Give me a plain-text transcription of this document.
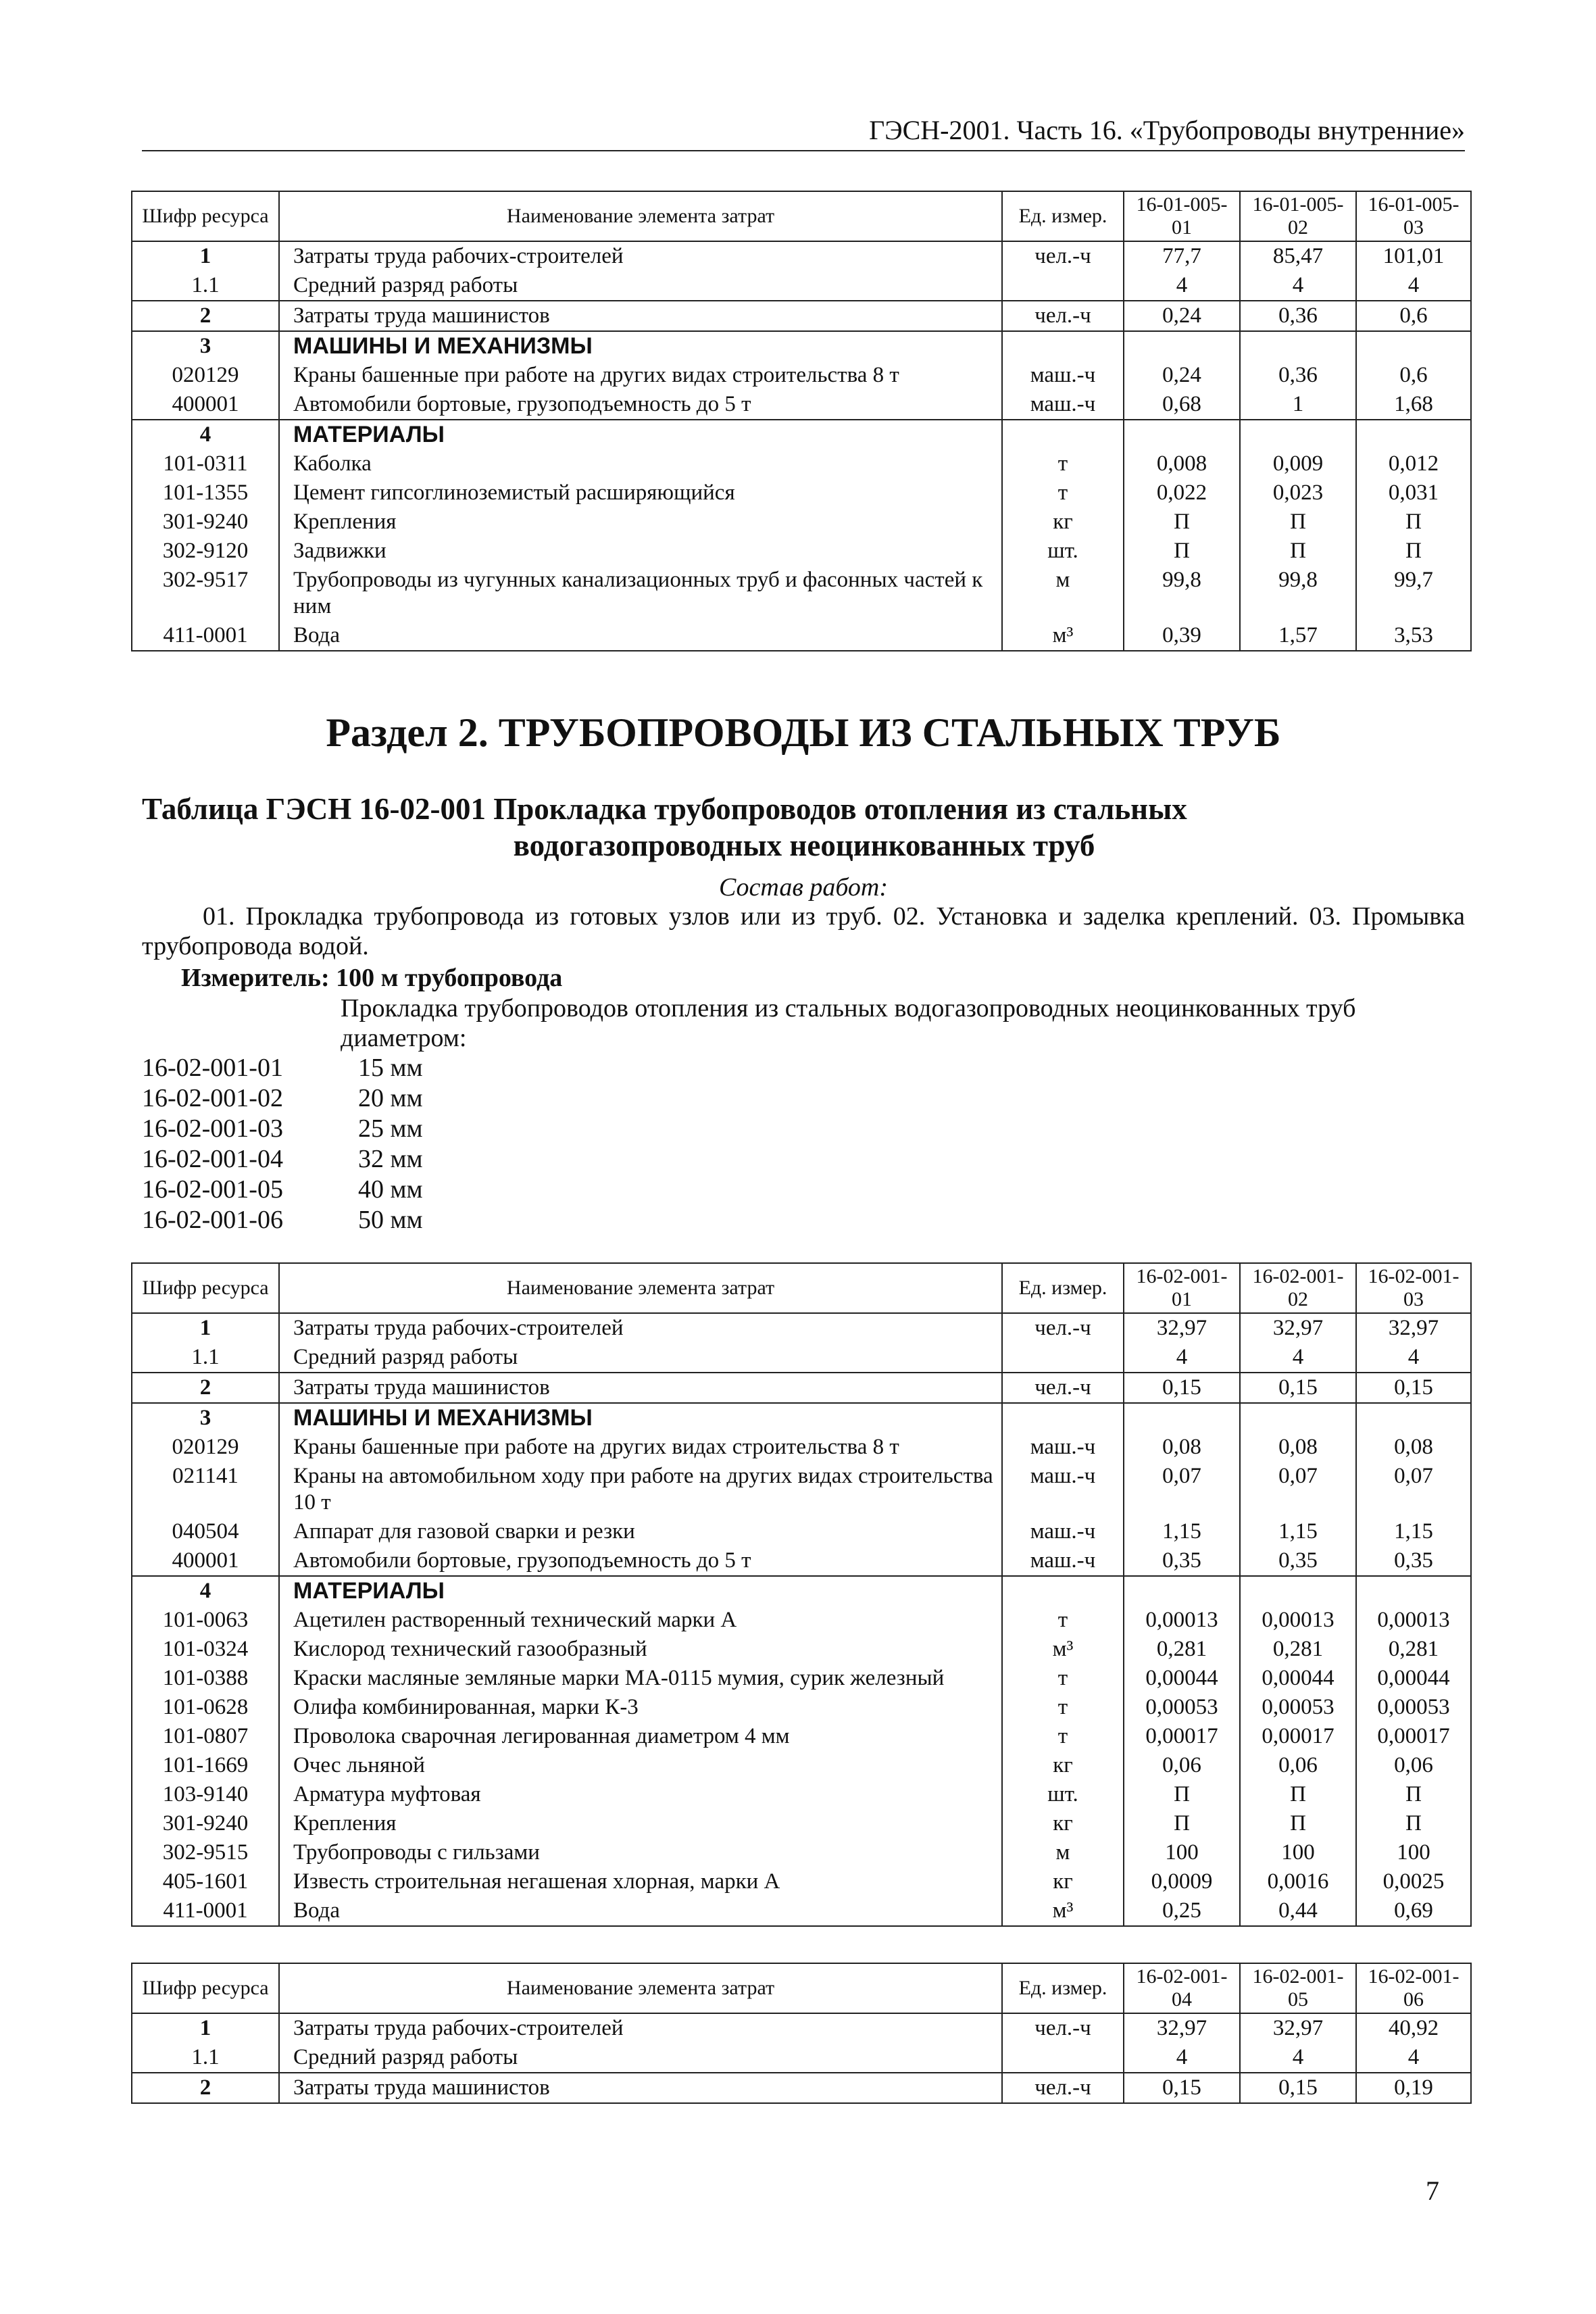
ГЭСН-2001. Часть 16. «Трубопроводы внутренние»
Шифр ресурса	Наименование элемента затрат	Ед. измер.	16-01-005-01	16-01-005-02	16-01-005-03
1	Затраты труда рабочих-строителей	чел.-ч	77,7	85,47	101,01
1.1	Средний разряд работы		4	4	4
2	Затраты труда машинистов	чел.-ч	0,24	0,36	0,6
3	МАШИНЫ И МЕХАНИЗМЫ				
020129	Краны башенные при работе на других видах строительства 8 т	маш.-ч	0,24	0,36	0,6
400001	Автомобили бортовые, грузоподъемность до 5 т	маш.-ч	0,68	1	1,68
4	МАТЕРИАЛЫ				
101-0311	Каболка	т	0,008	0,009	0,012
101-1355	Цемент гипсоглиноземистый расширяющийся	т	0,022	0,023	0,031
301-9240	Крепления	кг	П	П	П
302-9120	Задвижки	шт.	П	П	П
302-9517	Трубопроводы из чугунных канализационных труб и фасонных частей к ним	м	99,8	99,8	99,7
411-0001	Вода	м³	0,39	1,57	3,53
Раздел 2. ТРУБОПРОВОДЫ ИЗ СТАЛЬНЫХ ТРУБ
Таблица ГЭСН 16-02-001 Прокладка трубопроводов отопления из стальных
водогазопроводных неоцинкованных труб
Состав работ:
01. Прокладка трубопровода из готовых узлов или из труб. 02. Установка и заделка креплений. 03. Промывка трубопровода водой.
Измеритель: 100 м трубопровода
Прокладка трубопроводов отопления из стальных водогазопроводных неоцинкованных труб диаметром:
16-02-001-01	15 мм
16-02-001-02	20 мм
16-02-001-03	25 мм
16-02-001-04	32 мм
16-02-001-05	40 мм
16-02-001-06	50 мм
Шифр ресурса	Наименование элемента затрат	Ед. измер.	16-02-001-01	16-02-001-02	16-02-001-03
1	Затраты труда рабочих-строителей	чел.-ч	32,97	32,97	32,97
1.1	Средний разряд работы		4	4	4
2	Затраты труда машинистов	чел.-ч	0,15	0,15	0,15
3	МАШИНЫ И МЕХАНИЗМЫ				
020129	Краны башенные при работе на других видах строительства 8 т	маш.-ч	0,08	0,08	0,08
021141	Краны на автомобильном ходу при работе на других видах строительства 10 т	маш.-ч	0,07	0,07	0,07
040504	Аппарат для газовой сварки и резки	маш.-ч	1,15	1,15	1,15
400001	Автомобили бортовые, грузоподъемность до 5 т	маш.-ч	0,35	0,35	0,35
4	МАТЕРИАЛЫ				
101-0063	Ацетилен растворенный технический марки А	т	0,00013	0,00013	0,00013
101-0324	Кислород технический газообразный	м³	0,281	0,281	0,281
101-0388	Краски масляные земляные марки МА-0115 мумия, сурик железный	т	0,00044	0,00044	0,00044
101-0628	Олифа комбинированная, марки К-3	т	0,00053	0,00053	0,00053
101-0807	Проволока сварочная легированная диаметром 4 мм	т	0,00017	0,00017	0,00017
101-1669	Очес льняной	кг	0,06	0,06	0,06
103-9140	Арматура муфтовая	шт.	П	П	П
301-9240	Крепления	кг	П	П	П
302-9515	Трубопроводы с гильзами	м	100	100	100
405-1601	Известь строительная негашеная хлорная, марки А	кг	0,0009	0,0016	0,0025
411-0001	Вода	м³	0,25	0,44	0,69
Шифр ресурса	Наименование элемента затрат	Ед. измер.	16-02-001-04	16-02-001-05	16-02-001-06
1	Затраты труда рабочих-строителей	чел.-ч	32,97	32,97	40,92
1.1	Средний разряд работы		4	4	4
2	Затраты труда машинистов	чел.-ч	0,15	0,15	0,19
7
